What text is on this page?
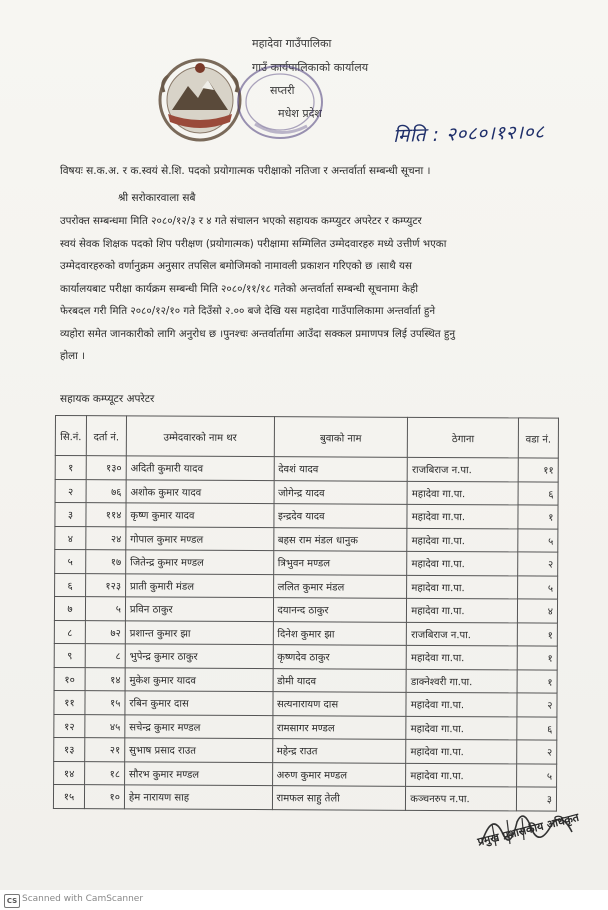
महादेवा गाउँपालिका
गाउँ कार्यपालिकाको कार्यालय
सप्तरी
मधेश प्रदेश
मिति : २०८०।१२।०८
विषयः स.क.अ. र क.स्वयं से.शि. पदको प्रयोगात्मक परीक्षाको नतिजा र अन्तर्वार्ता सम्बन्धी सूचना ।
श्री सरोकारवाला सबै
उपरोक्त सम्बन्धमा मिति २०८०/१२/३ र ४ गते संचालन भएको सहायक कम्प्युटर अपरेटर र कम्प्युटर
स्वयं सेवक शिक्षक पदको शिप परीक्षण (प्रयोगात्मक) परीक्षामा सम्मिलित उम्मेदवारहरु मध्ये उत्तीर्ण भएका
उम्मेदवारहरुको वर्णानुक्रम अनुसार तपसिल बमोजिमको नामावली प्रकाशन गरिएको छ ।साथै यस
कार्यालयबाट परीक्षा कार्यक्रम सम्बन्धी मिति २०८०/११/१८ गतेको अन्तर्वार्ता सम्बन्धी सूचनामा केही
फेरबदल गरी मिति २०८०/१२/१० गते दिउँसो २.०० बजे देखि यस महादेवा गाउँपालिकामा अन्तर्वार्ता हुने
व्यहोरा समेत जानकारीको लागि अनुरोध छ ।पुनश्चः अन्तर्वार्तामा आउँदा सक्कल प्रमाणपत्र लिई उपस्थित हुनु
होला ।
सहायक कम्प्यूटर अपरेटर
सि.नं.	दर्ता नं.	उम्मेदवारको नाम थर	बुवाको नाम	ठेगाना	वडा नं.
१	१३०	अदिती कुमारी यादव	देवशं यादव	राजबिराज न.पा.	११
२	७६	अशोक कुमार यादव	जोगेन्द्र यादव	महादेवा गा.पा.	६
३	११४	कृष्ण कुमार यादव	इन्द्रदेव यादव	महादेवा गा.पा.	१
४	२४	गोपाल कुमार मण्डल	बहस राम मंडल धानुक	महादेवा गा.पा.	५
५	१७	जितेन्द्र कुमार मण्डल	त्रिभुवन मण्डल	महादेवा गा.पा.	२
६	१२३	प्राती कुमारी मंडल	ललित कुमार मंडल	महादेवा गा.पा.	५
७	५	प्रविन ठाकुर	दयानन्द ठाकुर	महादेवा गा.पा.	४
८	७२	प्रशान्त कुमार झा	दिनेश कुमार झा	राजबिराज न.पा.	१
९	८	भुपेन्द्र कुमार ठाकुर	कृष्णदेव ठाकुर	महादेवा गा.पा.	१
१०	१४	मुकेश कुमार यादव	डोमी यादव	डाक्नेश्वरी गा.पा.	१
११	१५	रबिन कुमार दास	सत्यनारायण दास	महादेवा गा.पा.	२
१२	४५	सचेन्द्र कुमार मण्डल	रामसागर मण्डल	महादेवा गा.पा.	६
१३	२१	सुभाष प्रसाद राउत	महेन्द्र राउत	महादेवा गा.पा.	२
१४	१८	सौरभ कुमार मण्डल	अरुण कुमार मण्डल	महादेवा गा.पा.	५
१५	१०	हेम नारायण साह	रामफल साहु तेली	कञ्चनरुप न.पा.	३
प्रमुख प्रशासकीय अधिकृत
CS Scanned with CamScanner
